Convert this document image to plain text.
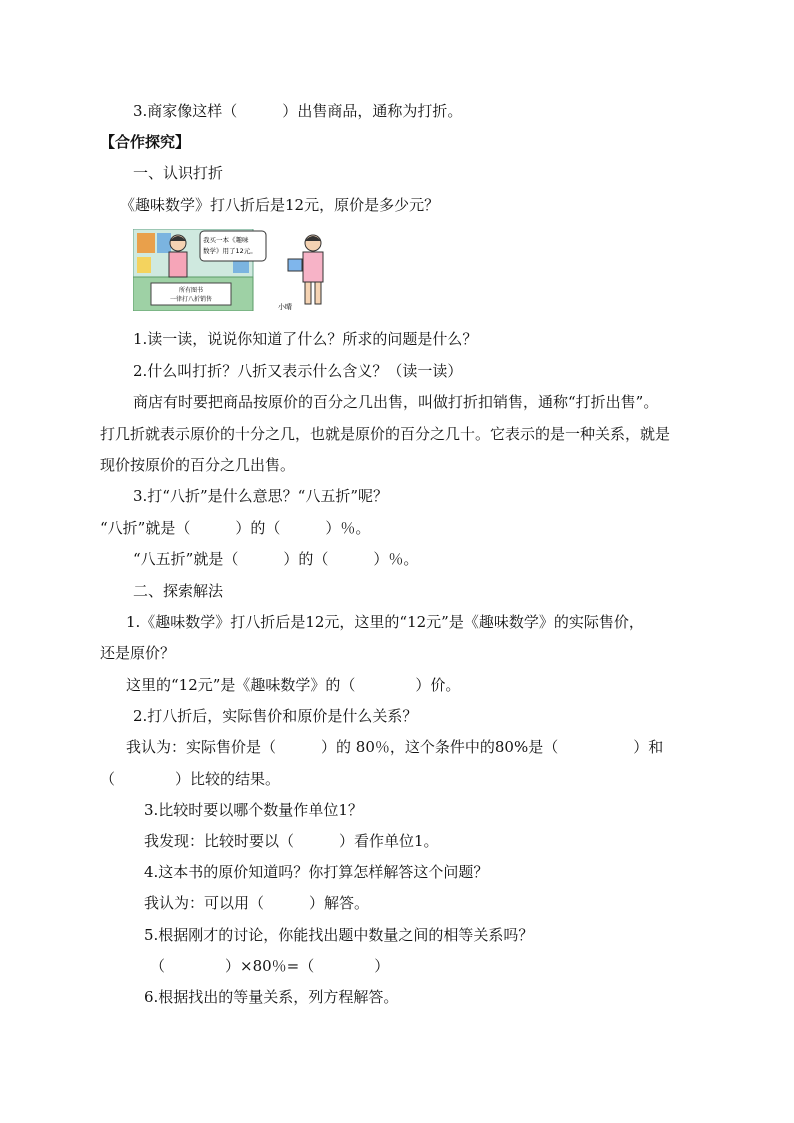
3.商家像这样（　　　）出售商品，通称为打折。
【合作探究】
一、认识打折
《趣味数学》打八折后是12元，原价是多少元？
所有图书
一律打八折销售
我买一本《趣味
数学》用了12元。
小晴
1.读一读，说说你知道了什么？所求的问题是什么？
2.什么叫打折？八折又表示什么含义？（读一读）
商店有时要把商品按原价的百分之几出售，叫做打折扣销售，通称“打折出售”。
打几折就表示原价的十分之几，也就是原价的百分之几十。它表示的是一种关系，就是
现价按原价的百分之几出售。
3.打“八折”是什么意思？“八五折”呢？
“八折”就是（　　　）的（　　　）％。
“八五折”就是（　　　）的（　　　）％。
二、探索解法
1.《趣味数学》打八折后是12元，这里的“12元”是《趣味数学》的实际售价，
还是原价？
这里的“12元”是《趣味数学》的（　　　　）价。
2.打八折后，实际售价和原价是什么关系？
我认为：实际售价是（　　　）的 80％，这个条件中的80%是（　　　　　）和
（　　　　）比较的结果。
3.比较时要以哪个数量作单位1？
我发现：比较时要以（　　　）看作单位1。
4.这本书的原价知道吗？你打算怎样解答这个问题？
我认为：可以用（　　　）解答。
5.根据刚才的讨论，你能找出题中数量之间的相等关系吗？
（　　　　）×80％=（　　　　）
6.根据找出的等量关系，列方程解答。
